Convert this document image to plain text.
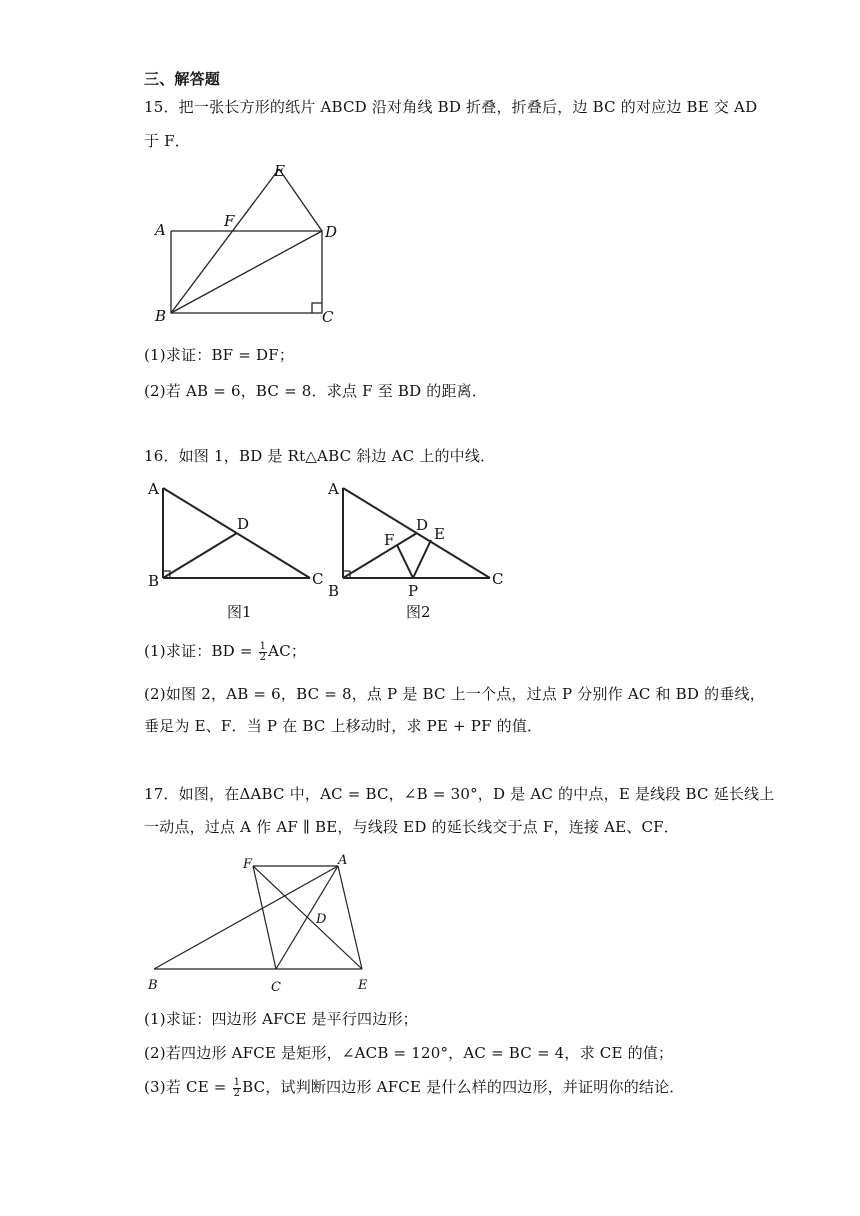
三、解答题
15．把一张长方形的纸片 ABCD 沿对角线 BD 折叠，折叠后，边 BC 的对应边 BE 交 AD
于 F．
E
A	F
D
B	C
(1)求证：BF = DF；
(2)若 AB = 6，BC = 8．求点 F 至 BD 的距离．
16．如图 1，BD 是 Rt△ABC 斜边 AC 上的中线．
A
B	C
D
图1
A
B
C
D E
F
P
图2
(1)求证：BD = $\frac{1}{2}$ AC；
(2)如图 2，AB = 6，BC = 8，点 P 是 BC 上一个点，过点 P 分别作 AC 和 BD 的垂线，
垂足为 E、F．当 P 在 BC 上移动时，求 PE + PF 的值．
17．如图，在ΔABC 中，AC = BC，∠B = 30°，D 是 AC 的中点，E 是线段 BC 延长线上
一动点，过点 A 作 AF ∥ BE，与线段 ED 的延长线交于点 F，连接 AE、CF．
F	A
D
B	C	E
(1)求证：四边形 AFCE 是平行四边形；
(2)若四边形 AFCE 是矩形，∠ACB = 120°，AC = BC = 4，求 CE 的值；
(3)若 CE = $\frac{1}{2}$ BC，试判断四边形 AFCE 是什么样的四边形，并证明你的结论．
